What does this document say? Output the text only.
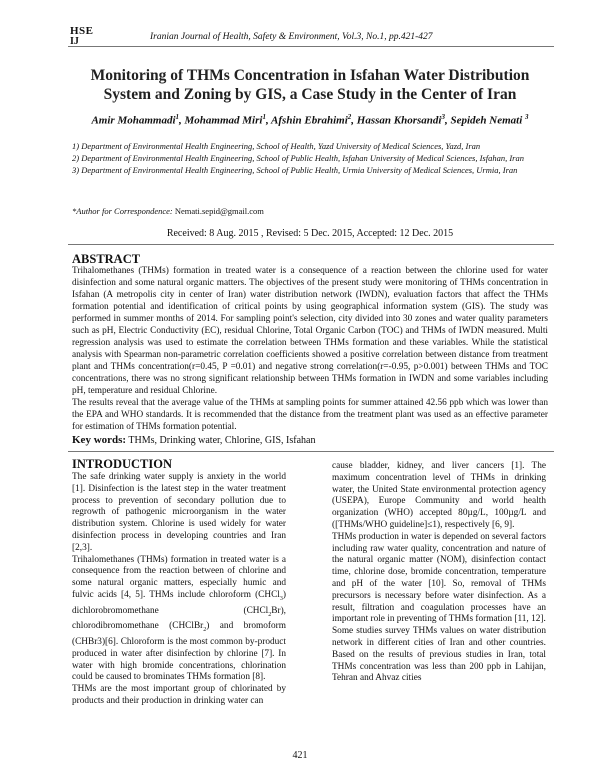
HSE
IJ	Iranian Journal of Health, Safety & Environment, Vol.3, No.1, pp.421-427
Monitoring of THMs Concentration in Isfahan Water Distribution System and Zoning by GIS, a Case Study in the Center of Iran
Amir Mohammadi$^1$, Mohammad Miri$^1$, Afshin Ebrahimi$^2$, Hassan Khorsandi$^3$, Sepideh Nemati $^3$

1) Department of Environmental Health Engineering, School of Health, Yazd University of Medical Sciences, Yazd, Iran

2) Department of Environmental Health Engineering, School of Public Health, Isfahan University of Medical Sciences, Isfahan, Iran

3) Department of Environmental Health Engineering, School of Public Health, Urmia University of Medical Sciences, Urmia, Iran

*Author for Correspondence: Nemati.sepid@gmail.com
Received: 8 Aug. 2015 , Revised: 5 Dec. 2015, Accepted: 12 Dec. 2015
ABSTRACT

Trihalomethanes (THMs) formation in treated water is a consequence of a reaction between the chlorine used for water disinfection and some natural organic matters. The objectives of the present study were monitoring of THMs concentration in Isfahan (A metropolis city in center of Iran) water distribution network (IWDN), evaluation factors that affect the THMs formation potential and identification of critical points by using geographical information system (GIS). The study was performed in summer months of 2014. For sampling point's selection, city divided into 30 zones and water quality parameters such as pH, Electric Conductivity (EC), residual Chlorine, Total Organic Carbon (TOC) and THMs of IWDN measured. Multi regression analysis was used to estimate the correlation between THMs formation and these variables. While the statistical analysis with Spearman non-parametric correlation coefficients showed a positive correlation between distance from treatment plant and THMs concentration(r=0.45, P =0.01) and negative strong correlation(r=-0.95, p>0.001) between THMs and TOC concentrations, there was no strong significant relationship between THMs formation in IWDN and some variables including pH, temperature and residual Chlorine.

The results reveal that the average value of the THMs at sampling points for summer attained 42.56 ppb which was lower than the EPA and WHO standards. It is recommended that the distance from the treatment plant was used as an effective parameter for estimation of THMs formation potential.

Key words: THMs, Drinking water, Chlorine, GIS, Isfahan
INTRODUCTION

The safe drinking water supply is anxiety in the world [1]. Disinfection is the latest step in the water treatment process to prevention of secondary pollution due to regrowth of pathogenic microorganism in the water distribution system. Chlorine is used widely for water disinfection process in developing countries and Iran [2,3].

Trihalomethanes (THMs) formation in treated water is a consequence from the reaction between of chlorine and some natural organic matters, especially humic and fulvic acids [4, 5]. THMs include chloroform (CHCl$_3$) dichlorobromomethane (CHCl$_2$Br), chlorodibromomethane (CHClBr$_2$) and bromoform (CHBr3)[6]. Chloroform is the most common by-product produced in water after disinfection by chlorine [7]. In water with high bromide concentrations, chlorination could be caused to brominates THMs formation [8].

THMs are the most important group of chlorinated by products and their production in drinking water can

cause bladder, kidney, and liver cancers [1]. The maximum concentration level of THMs in drinking water, the United State environmental protection agency (USEPA), Europe Community and world health organization (WHO) accepted 80µg/L, 100µg/L and ([THMs/WHO guideline]≤1), respectively [6, 9].

THMs production in water is depended on several factors including raw water quality, concentration and nature of the natural organic matter (NOM), disinfection contact time, chlorine dose, bromide concentration, temperature and pH of the water [10]. So, removal of THMs precursors is necessary before water disinfection. As a result, filtration and coagulation processes have an important role in preventing of THMs formation [11, 12].

Some studies survey THMs values on water distribution network in different cities of Iran and other countries. Based on the results of previous studies in Iran, total THMs concentration was less than 200 ppb in Lahijan, Tehran and Ahvaz cities

421
